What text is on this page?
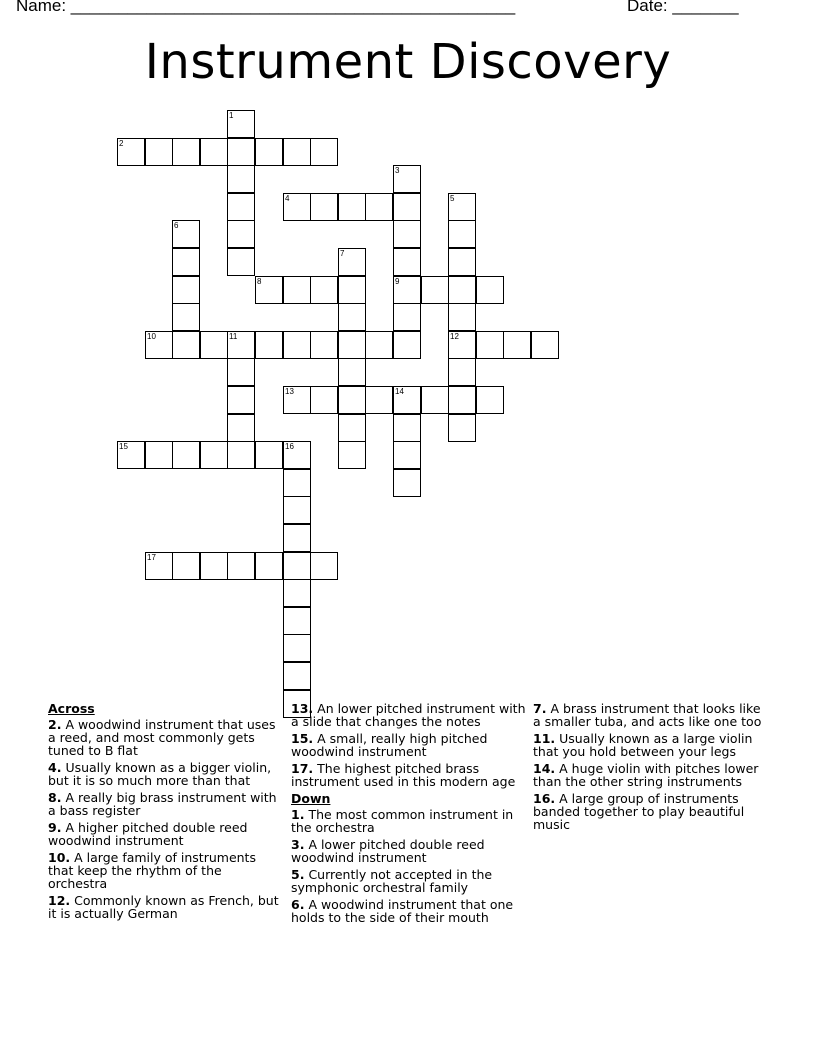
Name: _______________________________________________	Date: _______
Instrument Discovery
1
2
3
9
4	5
12
6
7
8
10	11
13	14
15	16
17
Across
2. A woodwind instrument that uses a reed, and most commonly gets tuned to B flat
4. Usually known as a bigger violin, but it is so much more than that
8. A really big brass instrument with a bass register
9. A higher pitched double reed woodwind instrument
10. A large family of instruments that keep the rhythm of the orchestra
12. Commonly known as French, but it is actually German
13. An lower pitched instrument with a slide that changes the notes
15. A small, really high pitched woodwind instrument
17. The highest pitched brass instrument used in this modern age
Down
1. The most common instrument in the orchestra
3. A lower pitched double reed woodwind instrument
5. Currently not accepted in the symphonic orchestral family
6. A woodwind instrument that one holds to the side of their mouth
7. A brass instrument that looks like a smaller tuba, and acts like one too
11. Usually known as a large violin that you hold between your legs
14. A huge violin with pitches lower than the other string instruments
16. A large group of instruments banded together to play beautiful music
